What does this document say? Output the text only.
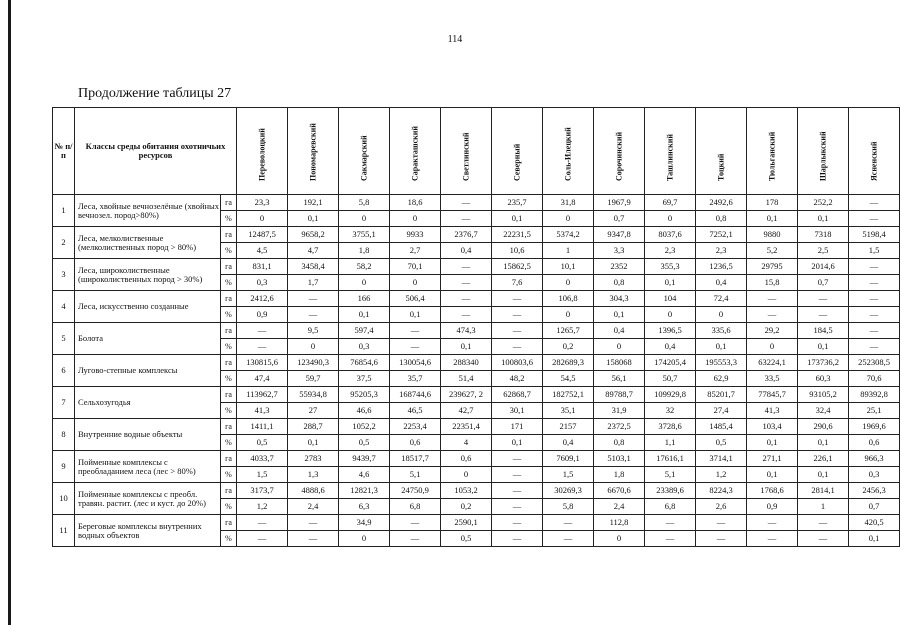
114
Продолжение таблицы 27
№ п/п	Классы среды обитания охотничьих ресурсов		Переволоцкий	Пономаревский	Сакмарский	Саракташский	Светлинский	Северный	Соль-Илецкий	Сорочинский	Ташлинский	Тоцкий	Тюльганский	Шарлыкский	Ясненский

1	Леса, хвойные вечнозелёные (хвойных вечнозел. пород>80%)	га	23,3	192,1	5,8	18,6	—	235,7	31,8	1967,9	69,7	2492,6	178	252,2	—
		%	0	0,1	0	0	—	0,1	0	0,7	0	0,8	0,1	0,1	—
2	Леса, мелколиственные (мелколиственных пород > 80%)	га	12487,5	9658,2	3755,1	9933	2376,7	22231,5	5374,2	9347,8	8037,6	7252,1	9880	7318	5198,4
		%	4,5	4,7	1,8	2,7	0,4	10,6	1	3,3	2,3	2,3	5,2	2,5	1,5
3	Леса, широколиственные (широколиственных пород > 30%)	га	831,1	3458,4	58,2	70,1	—	15862,5	10,1	2352	355,3	1236,5	29795	2014,6	—
		%	0,3	1,7	0	0	—	7,6	0	0,8	0,1	0,4	15,8	0,7	—
4	Леса, искусственно созданные	га	2412,6	—	166	506,4	—	—	106,8	304,3	104	72,4	—	—	—
		%	0,9	—	0,1	0,1	—	—	0	0,1	0	0	—	—	—
5	Болота	га	—	9,5	597,4	—	474,3	—	1265,7	0,4	1396,5	335,6	29,2	184,5	—
		%	—	0	0,3	—	0,1	—	0,2	0	0,4	0,1	0	0,1	—
6	Лугово-степные комплексы	га	130815,6	123490,3	76854,6	130054,6	288340	100803,6	282689,3	158068	174205,4	195553,3	63224,1	173736,2	252308,5
		%	47,4	59,7	37,5	35,7	51,4	48,2	54,5	56,1	50,7	62,9	33,5	60,3	70,6
7	Сельхозугодья	га	113962,7	55934,8	95205,3	168744,6	239627, 2	62868,7	182752,1	89788,7	109929,8	85201,7	77845,7	93105,2	89392,8
		%	41,3	27	46,6	46,5	42,7	30,1	35,1	31,9	32	27,4	41,3	32,4	25,1
8	Внутренние водные объекты	га	1411,1	288,7	1052,2	2253,4	22351,4	171	2157	2372,5	3728,6	1485,4	103,4	290,6	1969,6
		%	0,5	0,1	0,5	0,6	4	0,1	0,4	0,8	1,1	0,5	0,1	0,1	0,6
9	Пойменные комплексы с преобладанием леса (лес > 80%)	га	4033,7	2783	9439,7	18517,7	0,6	—	7609,1	5103,1	17616,1	3714,1	271,1	226,1	966,3
		%	1,5	1,3	4,6	5,1	0	—	1,5	1,8	5,1	1,2	0,1	0,1	0,3
10	Пойменные комплексы с преобл. травян. растит. (лес и куст. до 20%)	га	3173,7	4888,6	12821,3	24750,9	1053,2	—	30269,3	6670,6	23389,6	8224,3	1768,6	2814,1	2456,3
		%	1,2	2,4	6,3	6,8	0,2	—	5,8	2,4	6,8	2,6	0,9	1	0,7
11	Береговые комплексы внутренних водных объектов	га	—	—	34,9	—	2590,1	—	—	112,8	—	—	—	—	420,5
		%	—	—	0	—	0,5	—	—	0	—	—	—	—	0,1
